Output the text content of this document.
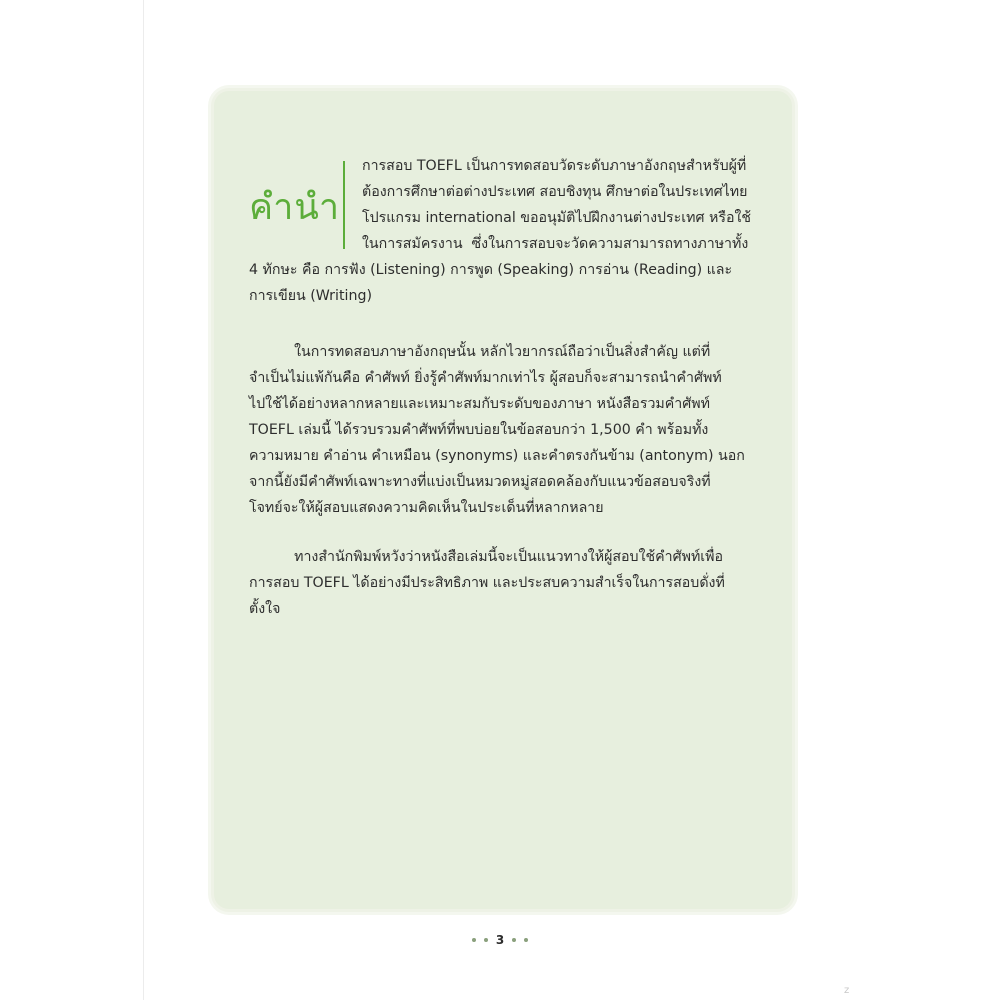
คำนำ

การสอบ TOEFL เป็นการทดสอบวัดระดับภาษาอังกฤษสำหรับผู้ที่
ต้องการศึกษาต่อต่างประเทศ สอบชิงทุน ศึกษาต่อในประเทศไทย
โปรแกรม international ขออนุมัติไปฝึกงานต่างประเทศ หรือใช้
ในการสมัครงาน  ซึ่งในการสอบจะวัดความสามารถทางภาษาทั้ง

4 ทักษะ คือ การฟัง (Listening) การพูด (Speaking) การอ่าน (Reading) และ
การเขียน (Writing)

ในการทดสอบภาษาอังกฤษนั้น หลักไวยากรณ์ถือว่าเป็นสิ่งสำคัญ แต่ที่
จำเป็นไม่แพ้กันคือ คำศัพท์ ยิ่งรู้คำศัพท์มากเท่าไร ผู้สอบก็จะสามารถนำคำศัพท์
ไปใช้ได้อย่างหลากหลายและเหมาะสมกับระดับของภาษา หนังสือรวมคำศัพท์
TOEFL เล่มนี้ ได้รวบรวมคำศัพท์ที่พบบ่อยในข้อสอบกว่า 1,500 คำ พร้อมทั้ง
ความหมาย คำอ่าน คำเหมือน (synonyms) และคำตรงกันข้าม (antonym) นอก
จากนี้ยังมีคำศัพท์เฉพาะทางที่แบ่งเป็นหมวดหมู่สอดคล้องกับแนวข้อสอบจริงที่
โจทย์จะให้ผู้สอบแสดงความคิดเห็นในประเด็นที่หลากหลาย

ทางสำนักพิมพ์หวังว่าหนังสือเล่มนี้จะเป็นแนวทางให้ผู้สอบใช้คำศัพท์เพื่อ
การสอบ TOEFL ได้อย่างมีประสิทธิภาพ และประสบความสำเร็จในการสอบดั่งที่
ตั้งใจ

3
z
